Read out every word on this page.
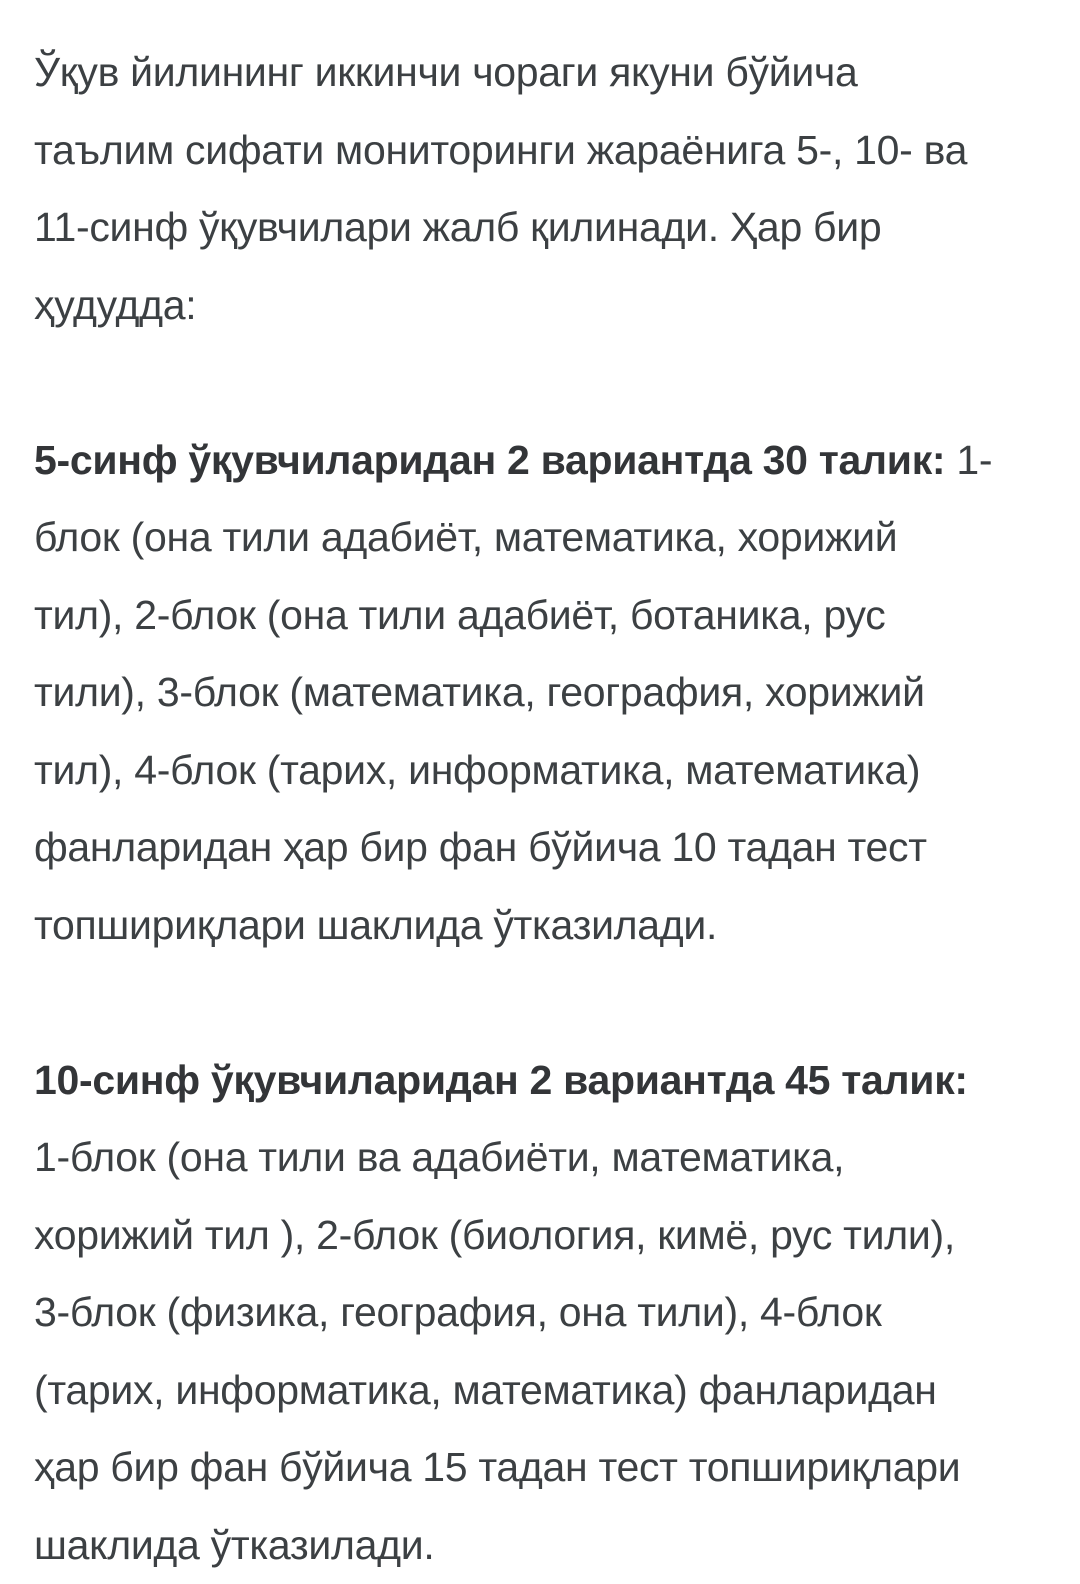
Ўқув йилининг иккинчи чораги якуни бўйича
таълим сифати мониторинги жараёнига 5-, 10- ва
11-синф ўқувчилари жалб қилинади. Ҳар бир
ҳудудда:
5-синф ўқувчиларидан 2 вариантда 30 талик: 1-
блок (она тили адабиёт, математика, хорижий
тил), 2-блок (она тили адабиёт, ботаника, рус
тили), 3-блок (математика, география, хорижий
тил), 4-блок (тарих, информатика, математика)
фанларидан ҳар бир фан бўйича 10 тадан тест
топшириқлари шаклида ўтказилади.
10-синф ўқувчиларидан 2 вариантда 45 талик:
1-блок (она тили ва адабиёти, математика,
хорижий тил ), 2-блок (биология, кимё, рус тили),
3-блок (физика, география, она тили), 4-блок
(тарих, информатика, математика) фанларидан
ҳар бир фан бўйича 15 тадан тест топшириқлари
шаклида ўтказилади.
